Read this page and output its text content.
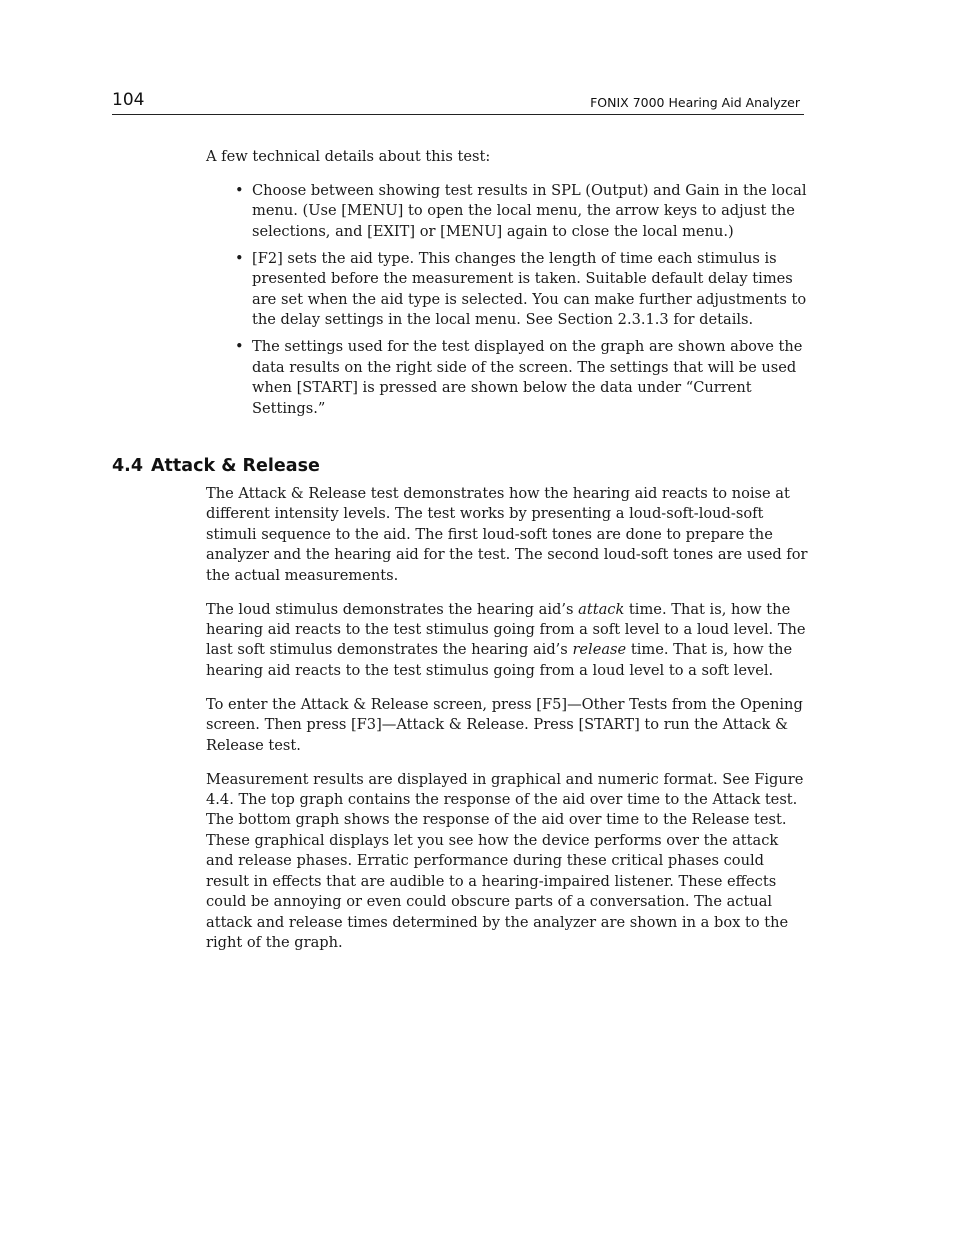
104	FONIX 7000 Hearing Aid Analyzer

A few technical details about this test:

• Choose between showing test results in SPL (Output) and Gain in the local menu. (Use [MENU] to open the local menu, the arrow keys to adjust the selections, and [EXIT] or [MENU] again to close the local menu.)
• [F2] sets the aid type. This changes the length of time each stimulus is presented before the measurement is taken. Suitable default delay times are set when the aid type is selected. You can make further adjustments to the delay settings in the local menu. See Section 2.3.1.3 for details.
• The settings used for the test displayed on the graph are shown above the data results on the right side of the screen. The settings that will be used when [START] is pressed are shown below the data under “Current Settings.”
4.4 Attack & Release

The Attack & Release test demonstrates how the hearing aid reacts to noise at different intensity levels. The test works by presenting a loud-soft-loud-soft stimuli sequence to the aid. The first loud-soft tones are done to prepare the analyzer and the hearing aid for the test. The second loud-soft tones are used for the actual measurements.

The loud stimulus demonstrates the hearing aid’s attack time. That is, how the hearing aid reacts to the test stimulus going from a soft level to a loud level. The last soft stimulus demonstrates the hearing aid’s release time. That is, how the hearing aid reacts to the test stimulus going from a loud level to a soft level.

To enter the Attack & Release screen, press [F5]—Other Tests from the Opening screen. Then press [F3]—Attack & Release. Press [START] to run the Attack & Release test.

Measurement results are displayed in graphical and numeric format. See Figure 4.4. The top graph contains the response of the aid over time to the Attack test. The bottom graph shows the response of the aid over time to the Release test. These graphical displays let you see how the device performs over the attack and release phases. Erratic performance during these critical phases could result in effects that are audible to a hearing-impaired listener. These effects could be annoying or even could obscure parts of a conversation. The actual attack and release times determined by the analyzer are shown in a box to the right of the graph.
